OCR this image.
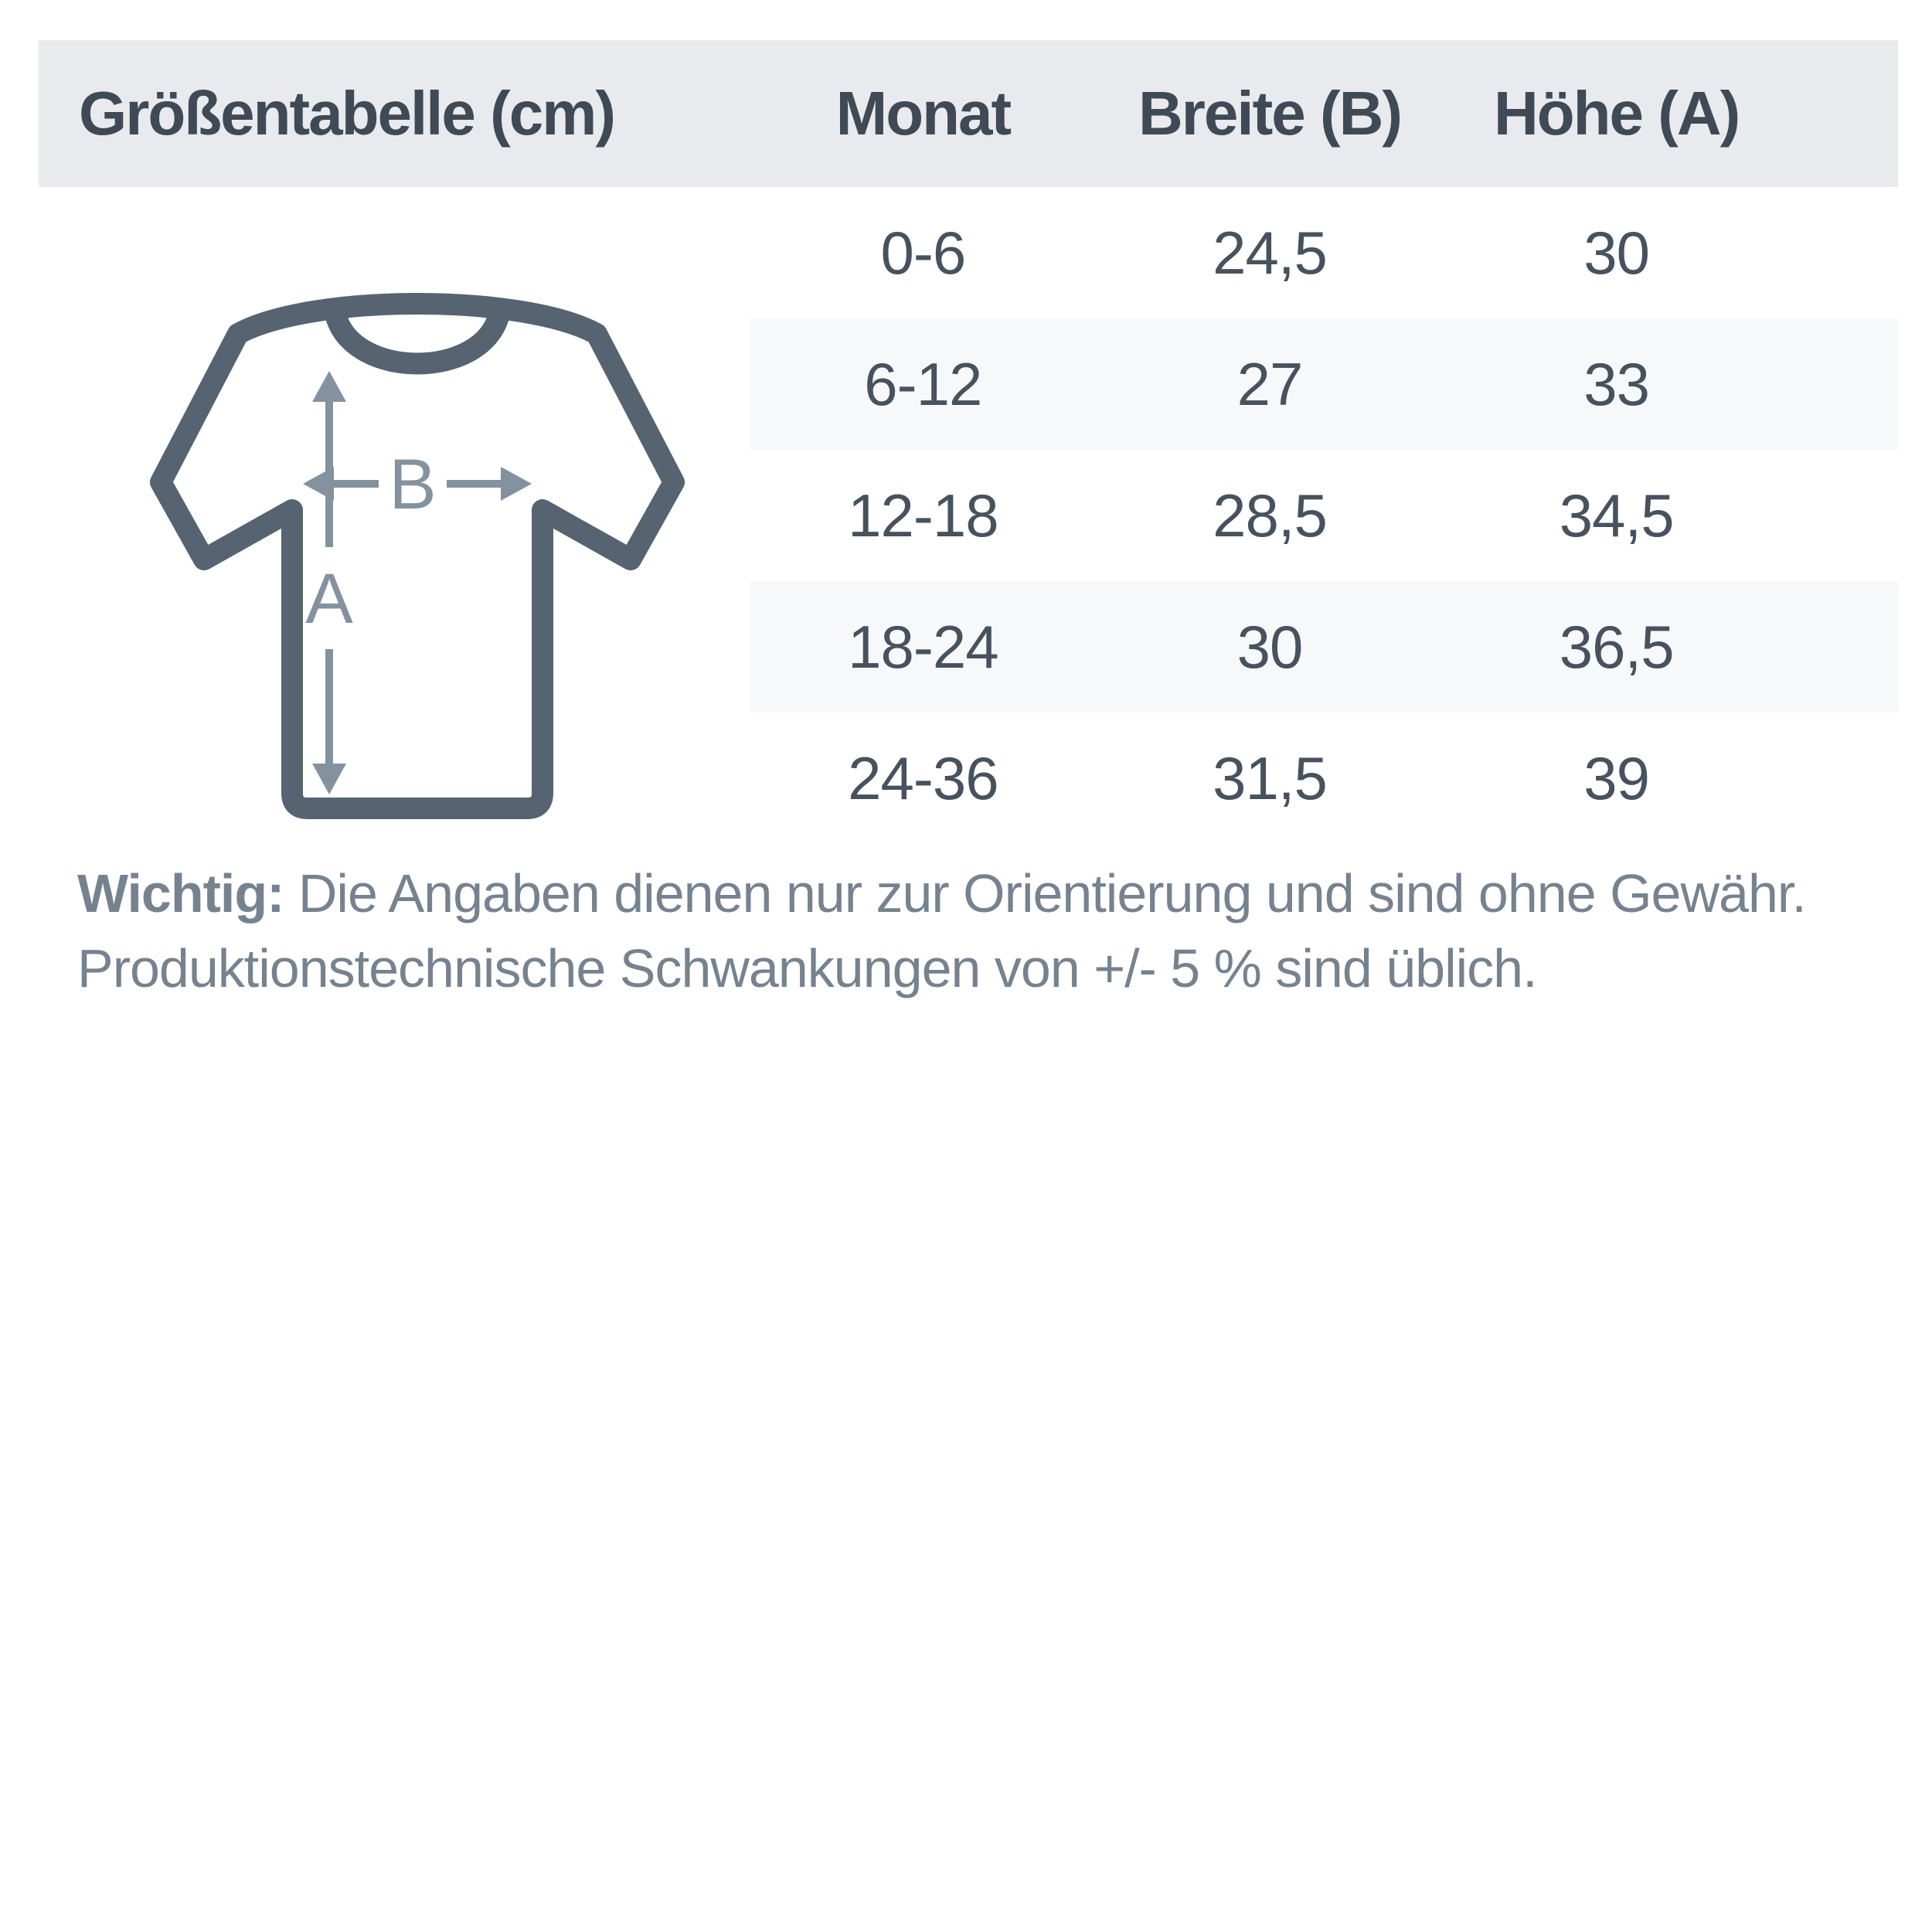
Größentabelle (cm)	Monat	Breite (B)	Höhe (A)
0-6	24,5	30
6-12	27	33
12-18	28,5	34,5
18-24	30	36,5
24-36	31,5	39
B
A
Wichtig: Die Angaben dienen nur zur Orientierung und sind ohne Gewähr.
Produktionstechnische Schwankungen von +/- 5 % sind üblich.
